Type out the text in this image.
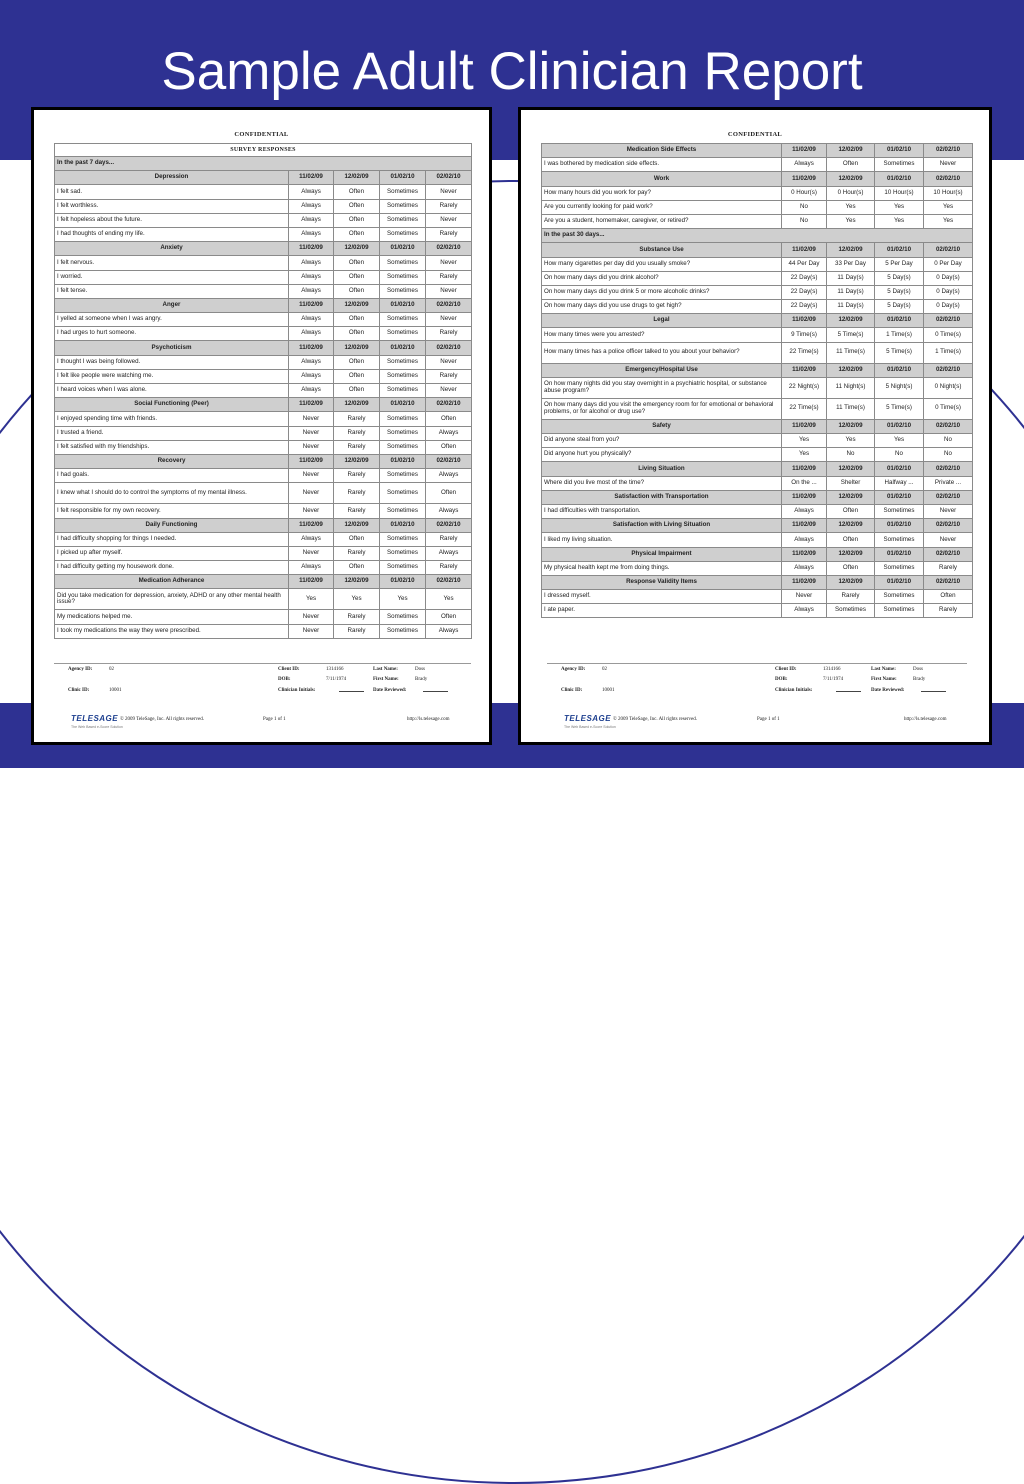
Sample Adult Clinician Report
CONFIDENTIAL
SURVEY RESPONSES				
In the past 7 days...				
Depression	11/02/09	12/02/09	01/02/10	02/02/10
I felt sad.	Always	Often	Sometimes	Never
I felt worthless.	Always	Often	Sometimes	Rarely
I felt hopeless about the future.	Always	Often	Sometimes	Never
I had thoughts of ending my life.	Always	Often	Sometimes	Rarely
Anxiety	11/02/09	12/02/09	01/02/10	02/02/10
I felt nervous.	Always	Often	Sometimes	Never
I worried.	Always	Often	Sometimes	Rarely
I felt tense.	Always	Often	Sometimes	Never
Anger	11/02/09	12/02/09	01/02/10	02/02/10
I yelled at someone when I was angry.	Always	Often	Sometimes	Never
I had urges to hurt someone.	Always	Often	Sometimes	Rarely
Psychoticism	11/02/09	12/02/09	01/02/10	02/02/10
I thought I was being followed.	Always	Often	Sometimes	Never
I felt like people were watching me.	Always	Often	Sometimes	Rarely
I heard voices when I was alone.	Always	Often	Sometimes	Never
Social Functioning (Peer)	11/02/09	12/02/09	01/02/10	02/02/10
I enjoyed spending time with friends.	Never	Rarely	Sometimes	Often
I trusted a friend.	Never	Rarely	Sometimes	Always
I felt satisfied with my friendships.	Never	Rarely	Sometimes	Often
Recovery	11/02/09	12/02/09	01/02/10	02/02/10
I had goals.	Never	Rarely	Sometimes	Always
I knew what I should do to control the symptoms of my mental illness.	Never	Rarely	Sometimes	Often
I felt responsible for my own recovery.	Never	Rarely	Sometimes	Always
Daily Functioning	11/02/09	12/02/09	01/02/10	02/02/10
I had difficulty shopping for things I needed.	Always	Often	Sometimes	Rarely
I picked up after myself.	Never	Rarely	Sometimes	Always
I had difficulty getting my housework done.	Always	Often	Sometimes	Rarely
Medication Adherance	11/02/09	12/02/09	01/02/10	02/02/10
Did you take medication for depression, anxiety, ADHD or any other mental health issue?	Yes	Yes	Yes	Yes
My medications helped me.	Never	Rarely	Sometimes	Often
I took my medications the way they were prescribed.	Never	Rarely	Sometimes	Always
Agency ID:	02
Clinic ID:	10001
Client ID:	1314166
DOB:	7/11/1974
Clinician Initials:
Last Name:	Doss
First Name:	Brady
Date Reviewed:
TELESAGE
The Web Based e-Score Solution
© 2009 TeleSage, Inc. All rights reserved.	Page 1 of 1	http://ls.telesage.com
CONFIDENTIAL
Medication Side Effects	11/02/09	12/02/09	01/02/10	02/02/10
I was bothered by medication side effects.	Always	Often	Sometimes	Never
Work	11/02/09	12/02/09	01/02/10	02/02/10
How many hours did you work for pay?	0 Hour(s)	0 Hour(s)	10 Hour(s)	10 Hour(s)
Are you currently looking for paid work?	No	Yes	Yes	Yes
Are you a student, homemaker, caregiver, or retired?	No	Yes	Yes	Yes
In the past 30 days...				
Substance Use	11/02/09	12/02/09	01/02/10	02/02/10
How many cigarettes per day did you usually smoke?	44 Per Day	33 Per Day	5 Per Day	0 Per Day
On how many days did you drink alcohol?	22 Day(s)	11 Day(s)	5 Day(s)	0 Day(s)
On how many days did you drink 5 or more alcoholic drinks?	22 Day(s)	11 Day(s)	5 Day(s)	0 Day(s)
On how many days did you use drugs to get high?	22 Day(s)	11 Day(s)	5 Day(s)	0 Day(s)
Legal	11/02/09	12/02/09	01/02/10	02/02/10
How many times were you arrested?	9 Time(s)	5 Time(s)	1 Time(s)	0 Time(s)
How many times has a police officer talked to you about your behavior?	22 Time(s)	11 Time(s)	5 Time(s)	1 Time(s)
Emergency/Hospital Use	11/02/09	12/02/09	01/02/10	02/02/10
On how many nights did you stay overnight in a psychiatric hospital, or substance abuse program?	22 Night(s)	11 Night(s)	5 Night(s)	0 Night(s)
On how many days did you visit the emergency room for for emotional or behavioral problems, or for alcohol or drug use?	22 Time(s)	11 Time(s)	5 Time(s)	0 Time(s)
Safety	11/02/09	12/02/09	01/02/10	02/02/10
Did anyone steal from you?	Yes	Yes	Yes	No
Did anyone hurt you physically?	Yes	No	No	No
Living Situation	11/02/09	12/02/09	01/02/10	02/02/10
Where did you live most of the time?	On the ...	Shelter	Halfway ...	Private ...
Satisfaction with Transportation	11/02/09	12/02/09	01/02/10	02/02/10
I had difficulties with transportation.	Always	Often	Sometimes	Never
Satisfaction with Living Situation	11/02/09	12/02/09	01/02/10	02/02/10
I liked my living situation.	Always	Often	Sometimes	Never
Physical Impairment	11/02/09	12/02/09	01/02/10	02/02/10
My physical health kept me from doing things.	Always	Often	Sometimes	Rarely
Response Validity Items	11/02/09	12/02/09	01/02/10	02/02/10
I dressed myself.	Never	Rarely	Sometimes	Often
I ate paper.	Always	Sometimes	Sometimes	Rarely
Agency ID:	02
Clinic ID:	10001
Client ID:	1314166
DOB:	7/11/1974
Clinician Initials:
Last Name:	Doss
First Name:	Brady
Date Reviewed:
TELESAGE
The Web Based e-Score Solution
© 2009 TeleSage, Inc. All rights reserved.	Page 1 of 1	http://ls.telesage.com
